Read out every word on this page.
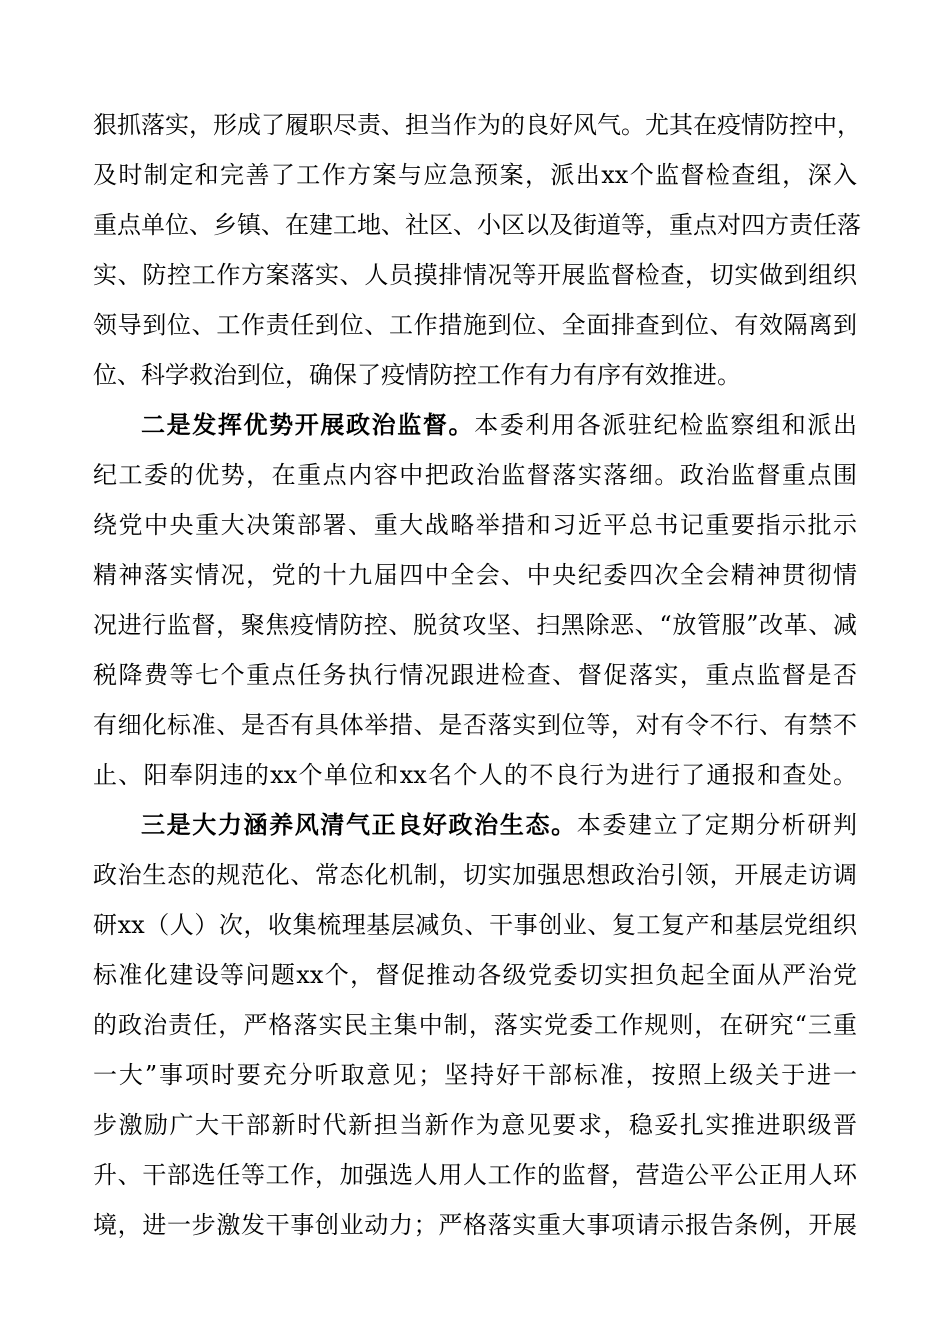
狠抓落实，形成了履职尽责、担当作为的良好风气。尤其在疫情防控中，
及时制定和完善了工作方案与应急预案，派出xx个监督检查组，深入
重点单位、乡镇、在建工地、社区、小区以及街道等，重点对四方责任落
实、防控工作方案落实、人员摸排情况等开展监督检查，切实做到组织
领导到位、工作责任到位、工作措施到位、全面排查到位、有效隔离到
位、科学救治到位，确保了疫情防控工作有力有序有效推进。
二是发挥优势开展政治监督。本委利用各派驻纪检监察组和派出
纪工委的优势，在重点内容中把政治监督落实落细。政治监督重点围
绕党中央重大决策部署、重大战略举措和习近平总书记重要指示批示
精神落实情况，党的十九届四中全会、中央纪委四次全会精神贯彻情
况进行监督，聚焦疫情防控、脱贫攻坚、扫黑除恶、“放管服”改革、减
税降费等七个重点任务执行情况跟进检查、督促落实，重点监督是否
有细化标准、是否有具体举措、是否落实到位等，对有令不行、有禁不
止、阳奉阴违的xx个单位和xx名个人的不良行为进行了通报和查处。
三是大力涵养风清气正良好政治生态。本委建立了定期分析研判
政治生态的规范化、常态化机制，切实加强思想政治引领，开展走访调
研xx（人）次，收集梳理基层减负、干事创业、复工复产和基层党组织
标准化建设等问题xx个，督促推动各级党委切实担负起全面从严治党
的政治责任，严格落实民主集中制，落实党委工作规则，在研究“三重
一大”事项时要充分听取意见；坚持好干部标准，按照上级关于进一
步激励广大干部新时代新担当新作为意见要求，稳妥扎实推进职级晋
升、干部选任等工作，加强选人用人工作的监督，营造公平公正用人环
境，进一步激发干事创业动力；严格落实重大事项请示报告条例，开展
